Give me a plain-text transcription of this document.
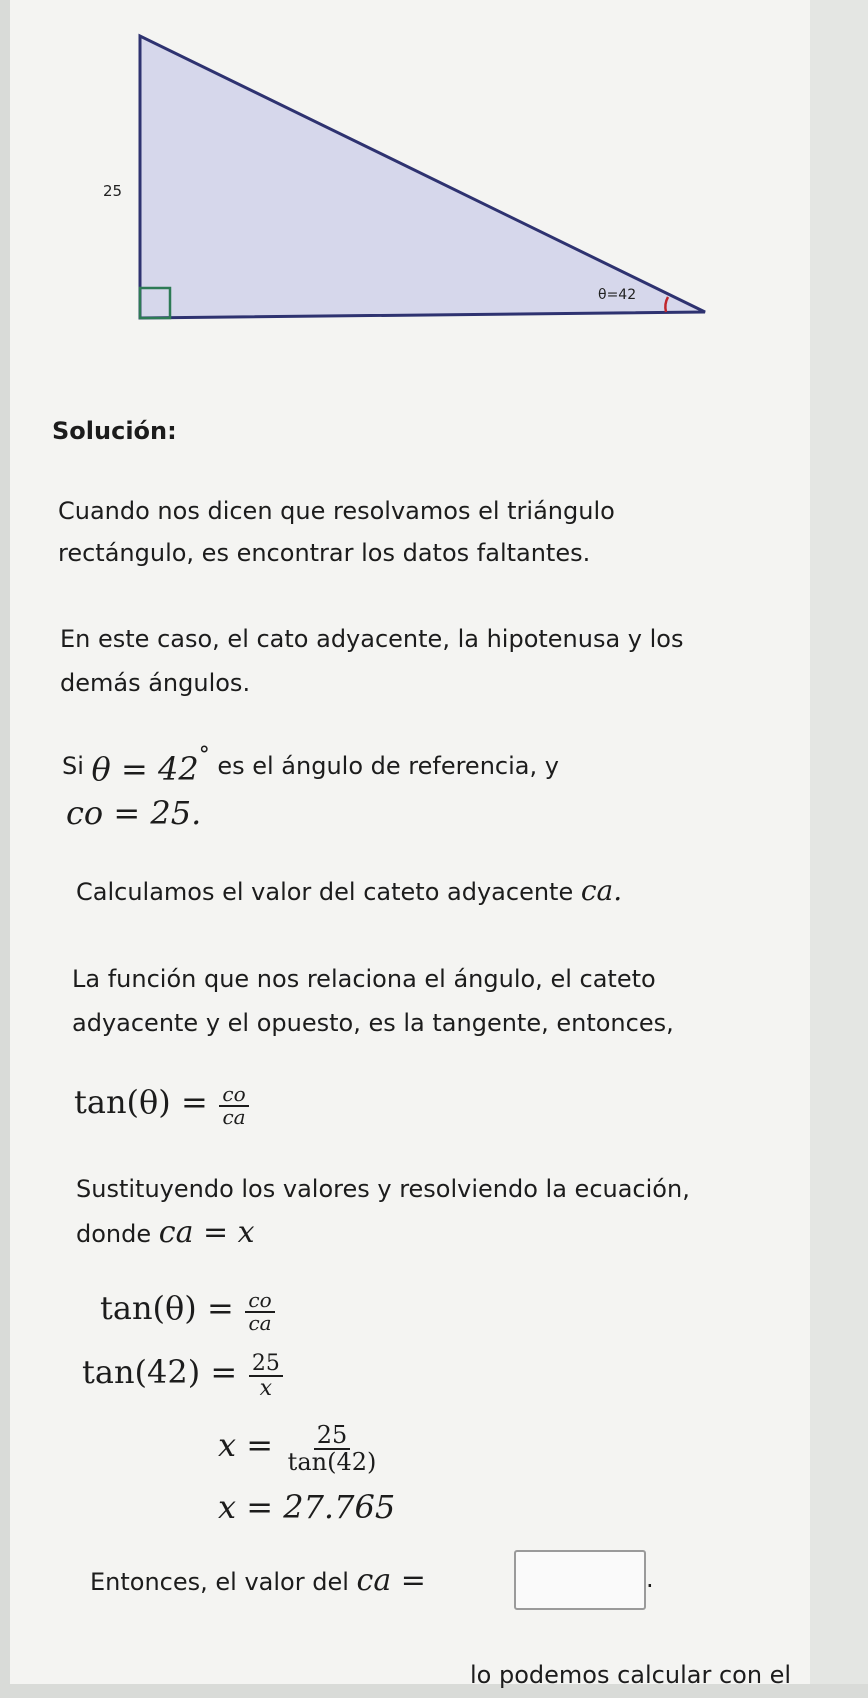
25
θ=42
Solución:
Cuando nos dicen que resolvamos el triángulo
rectángulo, es encontrar los datos faltantes.
En este caso, el cato adyacente, la hipotenusa y los
demás ángulos.
Si θ = 42° es el ángulo de referencia, y
co = 25.
Calculamos el valor del cateto adyacente ca.
La función que nos relaciona el ángulo, el cateto
adyacente y el opuesto, es la tangente, entonces,
$\tan(\theta) = \frac{co}{ca}$
Sustituyendo los valores y resolviendo la ecuación,
donde ca = x
$\tan(\theta) = \frac{co}{ca}$
$\tan(42) = \frac{25}{x}$
$x = \frac{25}{\tan(42)}$
x = 27.765
Entonces, el valor del ca =	.
lo podemos calcular con el
